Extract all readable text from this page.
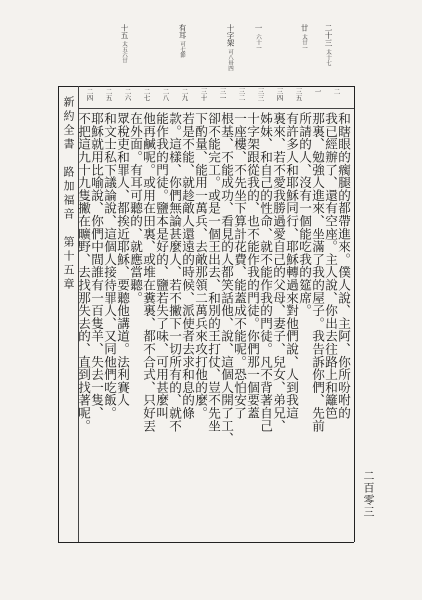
十五
太五六廿
有耳
可七節
十字架
可八卅四
一
六十一
廿
太廿一 二十三
太十七
新約全書　路加福音　第十五章
二四 二五 二六 二七 二八 二九 三十 三一 三二 三三 三四 三五 一 二
和瞎眼的瘸腿的都帶進來。僕人說、主阿、你所吩咐的
我已經辦了、還有空座。主人說、你出去往路上和籬笆
那裏、勉強人進來、坐滿了我的屋子。我告訴你們、先前
所請的人、沒有一個能吃我的筵席。
有許多人和耶穌同行、耶穌轉過來對他們說、人到我這
裏來、若不愛我勝過愛自己的父母、妻子、兒女、弟兄、
姊妹、和自己的性命、就不能作我的門徒。凡不背著自己
十字架跟從我的、也不能作我的門徒。你們那一個要蓋
一座樓、不先坐下算計花費、能蓋成不能呢。恐怕安了
根基、不能成功、看見的人都笑話他、說、這個人開了工、
卻不能完工。或是一個王出去、和別的王打仗、豈不先坐
下酌量、能用一萬兵、去敵那領二萬兵來攻打他的麼。
若是不能、就趁敵人還遠的時候、派使者去求和息的條
款。這樣、你們無論甚麼人、若不撇下一切所有的、就不
能作我的門徒。鹽本是好的、鹽若失了味、可用甚麼叫
他再鹹呢。或用在田裏、或堆在糞裏、都不合式、只好丟
在外面。有耳可聽的、就應當聽。
眾稅吏和罪人、都挨近耶穌、要聽他講道。法利賽人
和文士私下議論說、這個人接待罪人、又同他們吃飯。
耶穌就用比喻說、你們中間誰有一百隻羊、失去一隻、
不把這九十九隻撇在曠野、去找那失去的、直到找著呢。
二百零三
